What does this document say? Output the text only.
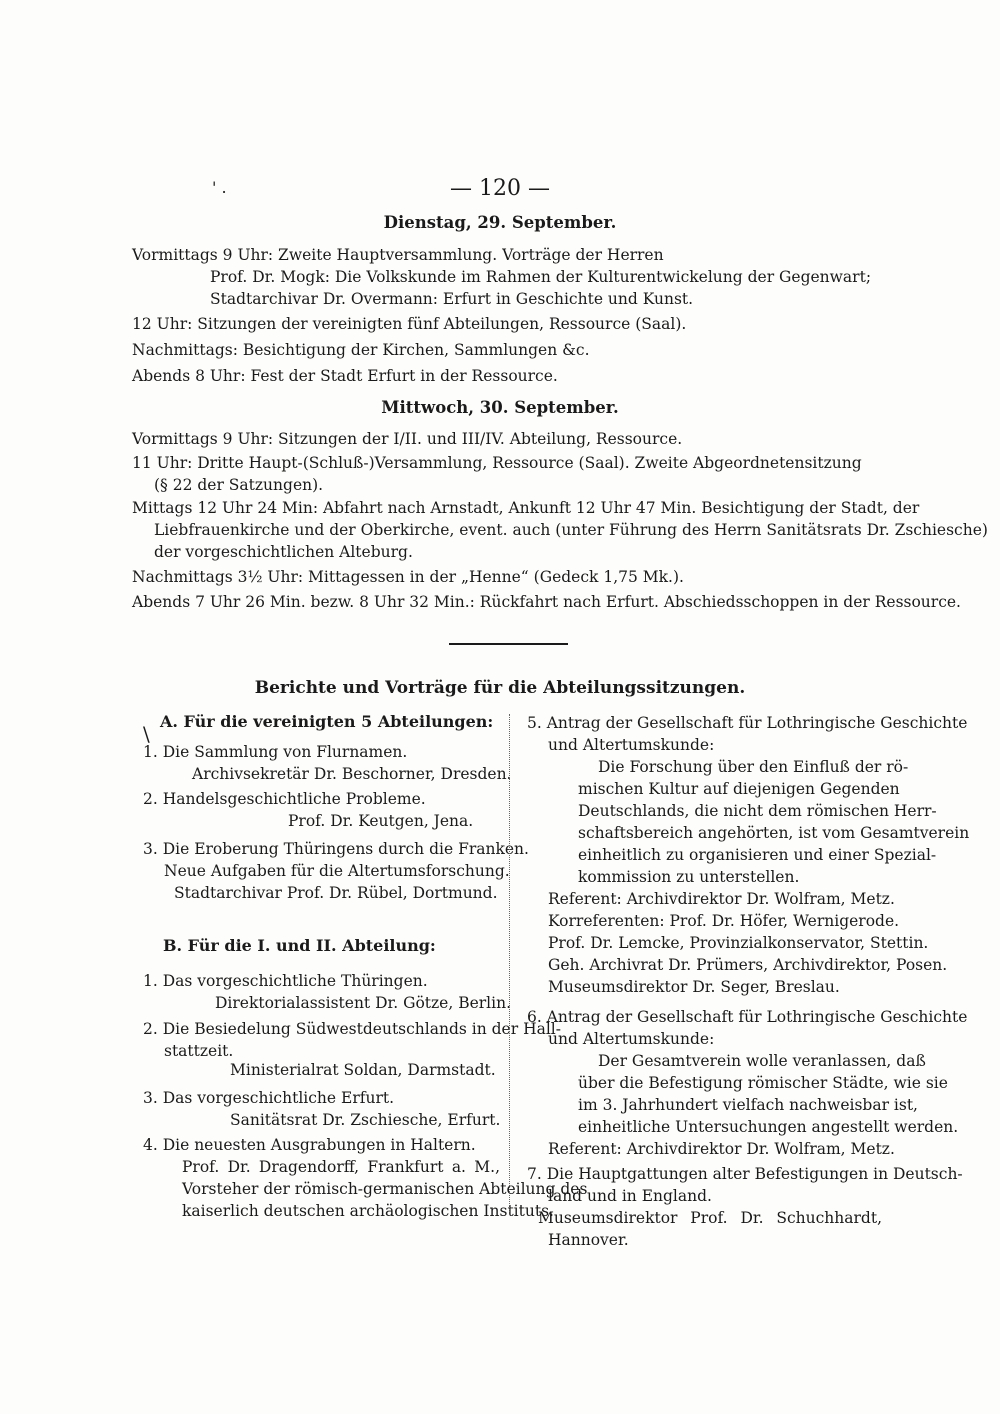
' .	— 120 —
Dienstag, 29. September.
Vormittags 9 Uhr: Zweite Hauptversammlung. Vorträge der Herren
Prof. Dr. Mogk: Die Volkskunde im Rahmen der Kulturentwickelung der Gegenwart;
Stadtarchivar Dr. Overmann: Erfurt in Geschichte und Kunst.
12 Uhr: Sitzungen der vereinigten fünf Abteilungen, Ressource (Saal).
Nachmittags: Besichtigung der Kirchen, Sammlungen &c.
Abends 8 Uhr: Fest der Stadt Erfurt in der Ressource.
Mittwoch, 30. September.
Vormittags 9 Uhr: Sitzungen der I/II. und III/IV. Abteilung, Ressource.
11 Uhr: Dritte Haupt-(Schluß-)Versammlung, Ressource (Saal). Zweite Abgeordnetensitzung
(§ 22 der Satzungen).
Mittags 12 Uhr 24 Min: Abfahrt nach Arnstadt, Ankunft 12 Uhr 47 Min. Besichtigung der Stadt, der
Liebfrauenkirche und der Oberkirche, event. auch (unter Führung des Herrn Sanitätsrats Dr. Zschiesche)
der vorgeschichtlichen Alteburg.
Nachmittags 3½ Uhr: Mittagessen in der „Henne“ (Gedeck 1,75 Mk.).
Abends 7 Uhr 26 Min. bezw. 8 Uhr 32 Min.: Rückfahrt nach Erfurt. Abschiedsschoppen in der Ressource.
Berichte und Vorträge für die Abteilungssitzungen.
\
A. Für die vereinigten 5 Abteilungen:
1. Die Sammlung von Flurnamen.
Archivsekretär Dr. Beschorner, Dresden.
2. Handelsgeschichtliche Probleme.
Prof. Dr. Keutgen, Jena.
3. Die Eroberung Thüringens durch die Franken.
Neue Aufgaben für die Altertumsforschung.
Stadtarchivar Prof. Dr. Rübel, Dortmund.
B. Für die I. und II. Abteilung:
1. Das vorgeschichtliche Thüringen.
Direktorialassistent Dr. Götze, Berlin.
2. Die Besiedelung Südwestdeutschlands in der Hall-
stattzeit.
Ministerialrat Soldan, Darmstadt.
3. Das vorgeschichtliche Erfurt.
Sanitätsrat Dr. Zschiesche, Erfurt.
4. Die neuesten Ausgrabungen in Haltern.
Prof. Dr. Dragendorff, Frankfurt a. M.,
Vorsteher der römisch-germanischen Abteilung des
kaiserlich deutschen archäologischen Instituts.
5. Antrag der Gesellschaft für Lothringische Geschichte
und Altertumskunde:
Die Forschung über den Einfluß der rö-
mischen Kultur auf diejenigen Gegenden
Deutschlands, die nicht dem römischen Herr-
schaftsbereich angehörten, ist vom Gesamtverein
einheitlich zu organisieren und einer Spezial-
kommission zu unterstellen.
Referent: Archivdirektor Dr. Wolfram, Metz.
Korreferenten: Prof. Dr. Höfer, Wernigerode.
Prof. Dr. Lemcke, Provinzialkonservator, Stettin.
Geh. Archivrat Dr. Prümers, Archivdirektor, Posen.
Museumsdirektor Dr. Seger, Breslau.
6. Antrag der Gesellschaft für Lothringische Geschichte
und Altertumskunde:
Der Gesamtverein wolle veranlassen, daß
über die Befestigung römischer Städte, wie sie
im 3. Jahrhundert vielfach nachweisbar ist,
einheitliche Untersuchungen angestellt werden.
Referent: Archivdirektor Dr. Wolfram, Metz.
7. Die Hauptgattungen alter Befestigungen in Deutsch-
land und in England.
Museumsdirektor Prof. Dr. Schuchhardt,
Hannover.
